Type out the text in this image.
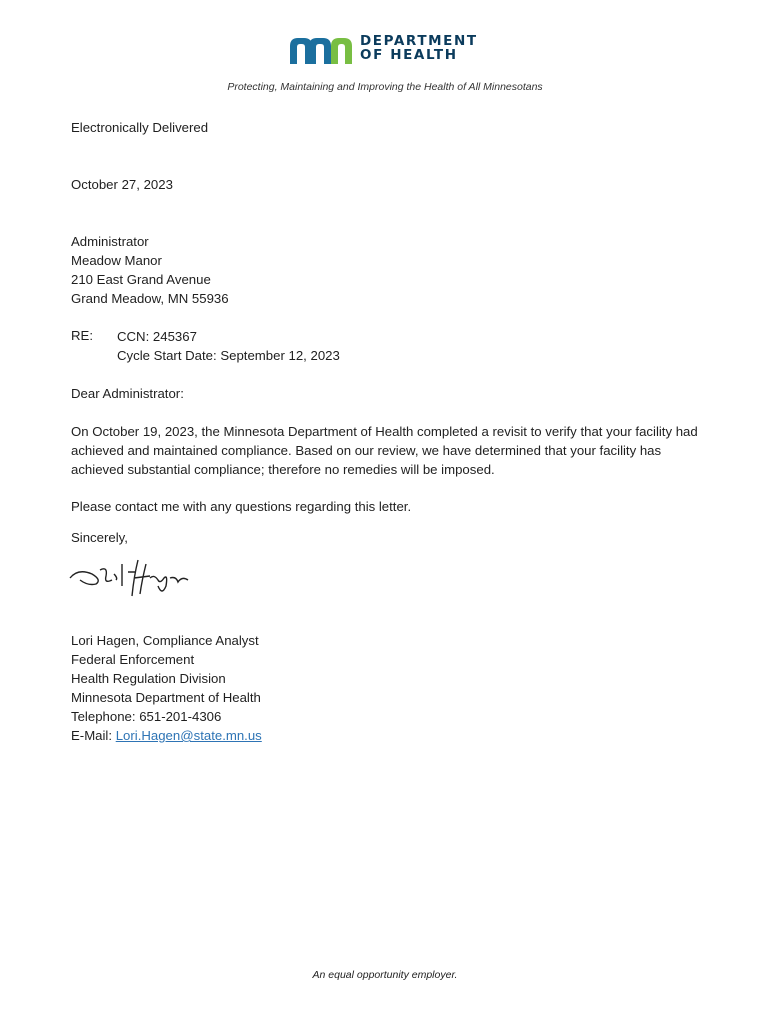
DEPARTMENT
OF HEALTH
Protecting, Maintaining and Improving the Health of All Minnesotans
Electronically Delivered
October 27, 2023
Administrator
Meadow Manor
210 East Grand Avenue
Grand Meadow, MN 55936
RE: CCN: 245367
Cycle Start Date: September 12, 2023
Dear Administrator:
On October 19, 2023, the Minnesota Department of Health completed a revisit to verify that your facility had achieved and maintained compliance. Based on our review, we have determined that your facility has achieved substantial compliance; therefore no remedies will be imposed.
Please contact me with any questions regarding this letter.
Sincerely,
Lori Hagen, Compliance Analyst
Federal Enforcement
Health Regulation Division
Minnesota Department of Health
Telephone: 651-201-4306
E-Mail: Lori.Hagen@state.mn.us
An equal opportunity employer.
